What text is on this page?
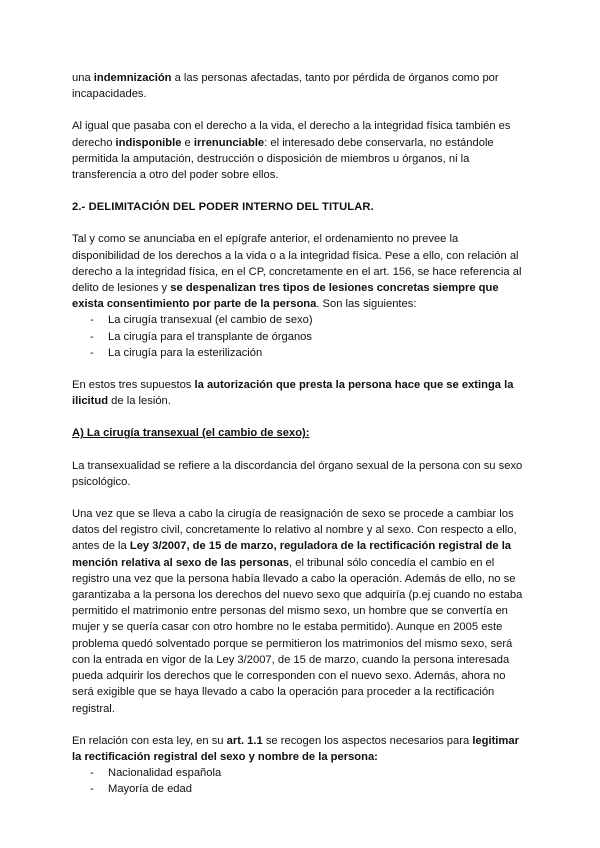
una indemnización a las personas afectadas, tanto por pérdida de órganos como por incapacidades.

Al igual que pasaba con el derecho a la vida, el derecho a la integridad física también es derecho indisponible e irrenunciable: el interesado debe conservarla, no estándole permitida la amputación, destrucción o disposición de miembros u órganos, ni la transferencia a otro del poder sobre ellos.

2.- DELIMITACIÓN DEL PODER INTERNO DEL TITULAR.

Tal y como se anunciaba en el epígrafe anterior, el ordenamiento no prevee la disponibilidad de los derechos a la vida o a la integridad física. Pese a ello, con relación al derecho a la integridad física, en el CP, concretamente en el art. 156, se hace referencia al delito de lesiones y se despenalizan tres tipos de lesiones concretas siempre que exista consentimiento por parte de la persona. Son las siguientes:

- La cirugía transexual (el cambio de sexo)
- La cirugía para el transplante de órganos
- La cirugía para la esterilización

En estos tres supuestos la autorización que presta la persona hace que se extinga la ilicitud de la lesión.

A) La cirugía transexual (el cambio de sexo):

La transexualidad se refiere a la discordancia del órgano sexual de la persona con su sexo psicológico.

Una vez que se lleva a cabo la cirugía de reasignación de sexo se procede a cambiar los datos del registro civil, concretamente lo relativo al nombre y al sexo. Con respecto a ello, antes de la Ley 3/2007, de 15 de marzo, reguladora de la rectificación registral de la mención relativa al sexo de las personas, el tribunal sólo concedía el cambio en el registro una vez que la persona había llevado a cabo la operación. Además de ello, no se garantizaba a la persona los derechos del nuevo sexo que adquiría (p.ej cuando no estaba permitido el matrimonio entre personas del mismo sexo, un hombre que se convertía en mujer y se quería casar con otro hombre no le estaba permitido). Aunque en 2005 este problema quedó solventado porque se permitieron los matrimonios del mismo sexo, será con la entrada en vigor de la Ley 3/2007, de 15 de marzo, cuando la persona interesada pueda adquirir los derechos que le corresponden con el nuevo sexo. Además, ahora no será exigible que se haya llevado a cabo la operación para proceder a la rectificación registral.

En relación con esta ley, en su art. 1.1 se recogen los aspectos necesarios para legitimar la rectificación registral del sexo y nombre de la persona:

- Nacionalidad española
- Mayoría de edad
